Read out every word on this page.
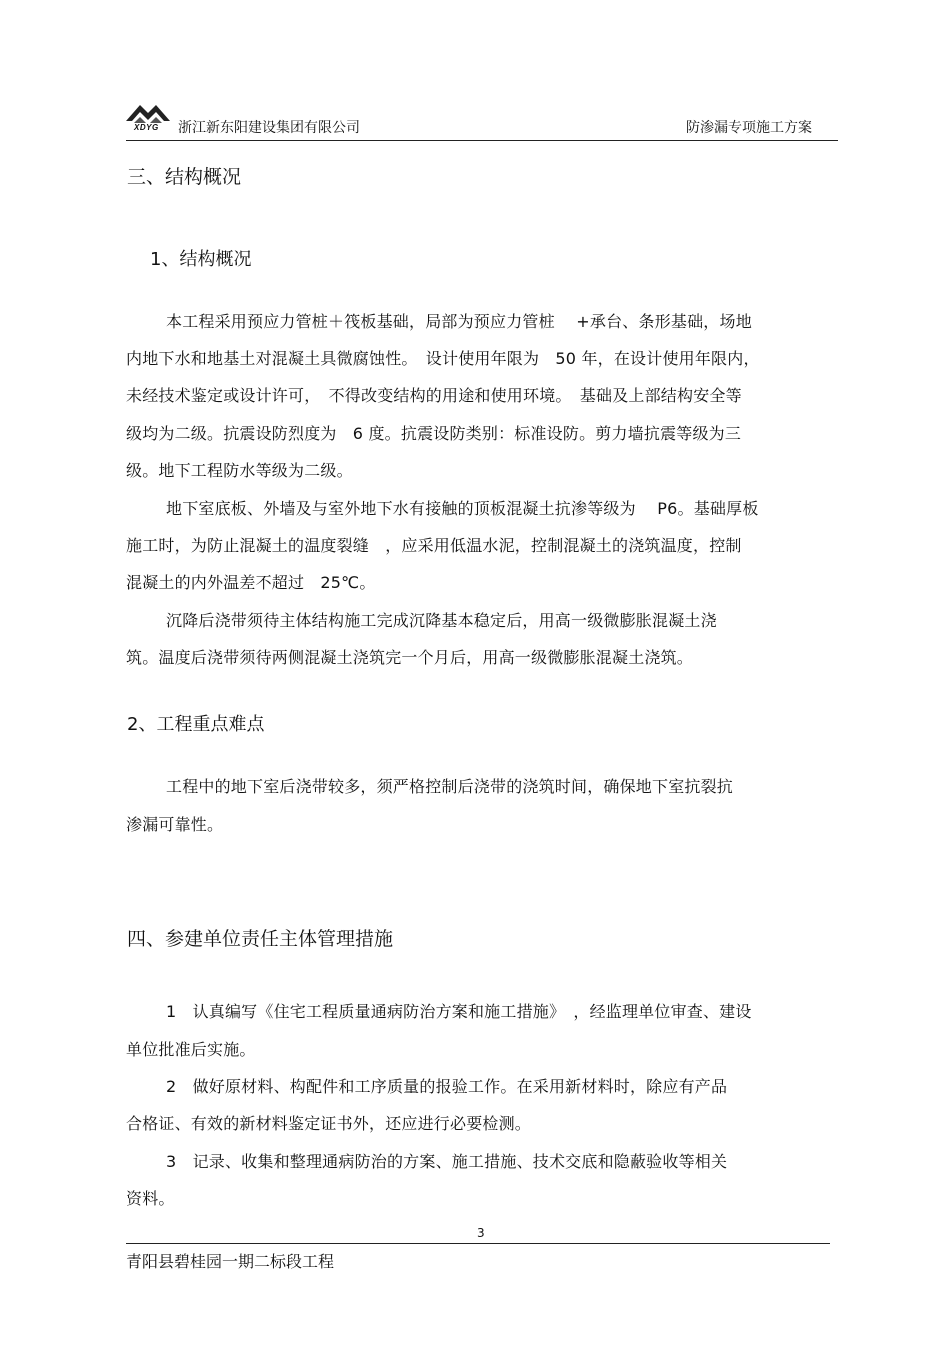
XDYG 浙江新东阳建设集团有限公司	防渗漏专项施工方案
三、结构概况
1、结构概况
本工程采用预应力管桩＋筏板基础，局部为预应力管桩　 +承台、条形基础，场地
内地下水和地基土对混凝土具微腐蚀性。　设计使用年限为　50 年，在设计使用年限内，
未经技术鉴定或设计许可，　不得改变结构的用途和使用环境。　基础及上部结构安全等
级均为二级。抗震设防烈度为　6 度。抗震设防类别：标准设防。剪力墙抗震等级为三
级。地下工程防水等级为二级。
地下室底板、外墙及与室外地下水有接触的顶板混凝土抗渗等级为　 P6。基础厚板
施工时，为防止混凝土的温度裂缝　，应采用低温水泥，控制混凝土的浇筑温度，控制
混凝土的内外温差不超过　25℃。
沉降后浇带须待主体结构施工完成沉降基本稳定后，用高一级微膨胀混凝土浇
筑。温度后浇带须待两侧混凝土浇筑完一个月后，用高一级微膨胀混凝土浇筑。
2、工程重点难点
工程中的地下室后浇带较多，须严格控制后浇带的浇筑时间，确保地下室抗裂抗
渗漏可靠性。
四、参建单位责任主体管理措施
1　认真编写《住宅工程质量通病防治方案和施工措施》　，经监理单位审查、建设
单位批准后实施。
2　做好原材料、构配件和工序质量的报验工作。在采用新材料时，除应有产品
合格证、有效的新材料鉴定证书外，还应进行必要检测。
3　记录、收集和整理通病防治的方案、施工措施、技术交底和隐蔽验收等相关
资料。
3
青阳县碧桂园一期二标段工程
